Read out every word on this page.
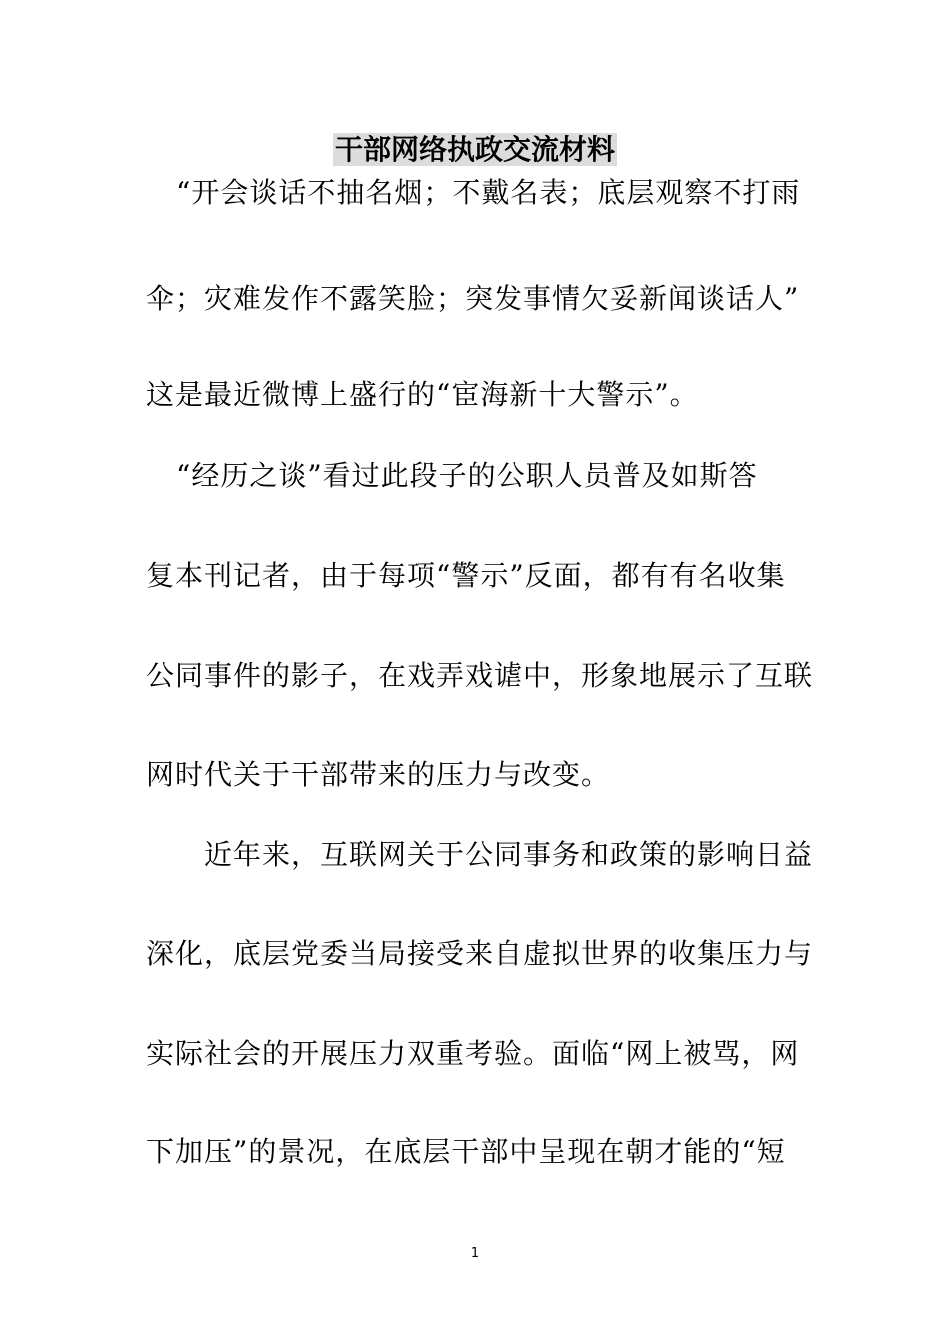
干部网络执政交流材料
“开会谈话不抽名烟；不戴名表；底层观察不打雨
伞；灾难发作不露笑脸；突发事情欠妥新闻谈话人”
这是最近微博上盛行的“宦海新十大警示”。
“经历之谈”看过此段子的公职人员普及如斯答
复本刊记者，由于每项“警示”反面，都有有名收集
公同事件的影子，在戏弄戏谑中，形象地展示了互联
网时代关于干部带来的压力与改变。
近年来，互联网关于公同事务和政策的影响日益
深化，底层党委当局接受来自虚拟世界的收集压力与
实际社会的开展压力双重考验。面临“网上被骂，网
下加压”的景况，在底层干部中呈现在朝才能的“短
1
